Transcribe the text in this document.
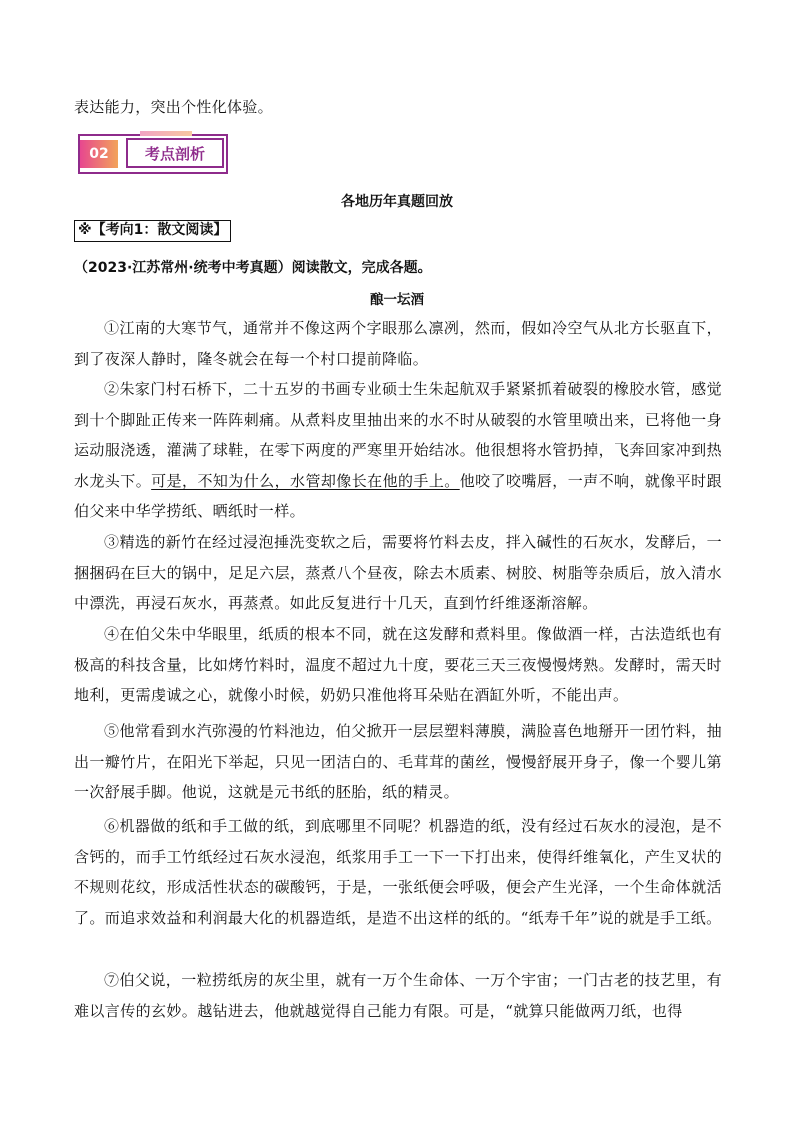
表达能力，突出个性化体验。
02	考点剖析
各地历年真题回放
※【考向1：散文阅读】
（2023·江苏常州·统考中考真题）阅读散文，完成各题。
酿一坛酒

①江南的大寒节气，通常并不像这两个字眼那么凛冽，然而，假如冷空气从北方长驱直下，到了夜深人静时，隆冬就会在每一个村口提前降临。

②朱家门村石桥下，二十五岁的书画专业硕士生朱起航双手紧紧抓着破裂的橡胶水管，感觉到十个脚趾正传来一阵阵刺痛。从煮料皮里抽出来的水不时从破裂的水管里喷出来，已将他一身运动服浇透，灌满了球鞋，在零下两度的严寒里开始结冰。他很想将水管扔掉，飞奔回家冲到热水龙头下。可是，不知为什么，水管却像长在他的手上。他咬了咬嘴唇，一声不响，就像平时跟伯父来中华学捞纸、晒纸时一样。

③精选的新竹在经过浸泡捶洗变软之后，需要将竹料去皮，拌入碱性的石灰水，发酵后，一捆捆码在巨大的锅中，足足六层，蒸煮八个昼夜，除去木质素、树胶、树脂等杂质后，放入清水中漂洗，再浸石灰水，再蒸煮。如此反复进行十几天，直到竹纤维逐渐溶解。

④在伯父朱中华眼里，纸质的根本不同，就在这发酵和煮料里。像做酒一样，古法造纸也有极高的科技含量，比如烤竹料时，温度不超过九十度，要花三天三夜慢慢烤熟。发酵时，需天时地利，更需虔诚之心，就像小时候，奶奶只准他将耳朵贴在酒缸外听，不能出声。

⑤他常看到水汽弥漫的竹料池边，伯父掀开一层层塑料薄膜，满脸喜色地掰开一团竹料，抽出一瓣竹片，在阳光下举起，只见一团洁白的、毛茸茸的菌丝，慢慢舒展开身子，像一个婴儿第一次舒展手脚。他说，这就是元书纸的胚胎，纸的精灵。

⑥机器做的纸和手工做的纸，到底哪里不同呢？机器造的纸，没有经过石灰水的浸泡，是不含钙的，而手工竹纸经过石灰水浸泡，纸浆用手工一下一下打出来，使得纤维氧化，产生叉状的不规则花纹，形成活性状态的碳酸钙，于是，一张纸便会呼吸，便会产生光泽，一个生命体就活了。而追求效益和利润最大化的机器造纸，是造不出这样的纸的。“纸寿千年”说的就是手工纸。

⑦伯父说，一粒捞纸房的灰尘里，就有一万个生命体、一万个宇宙；一门古老的技艺里，有难以言传的玄妙。越钻进去，他就越觉得自己能力有限。可是，“就算只能做两刀纸，也得
